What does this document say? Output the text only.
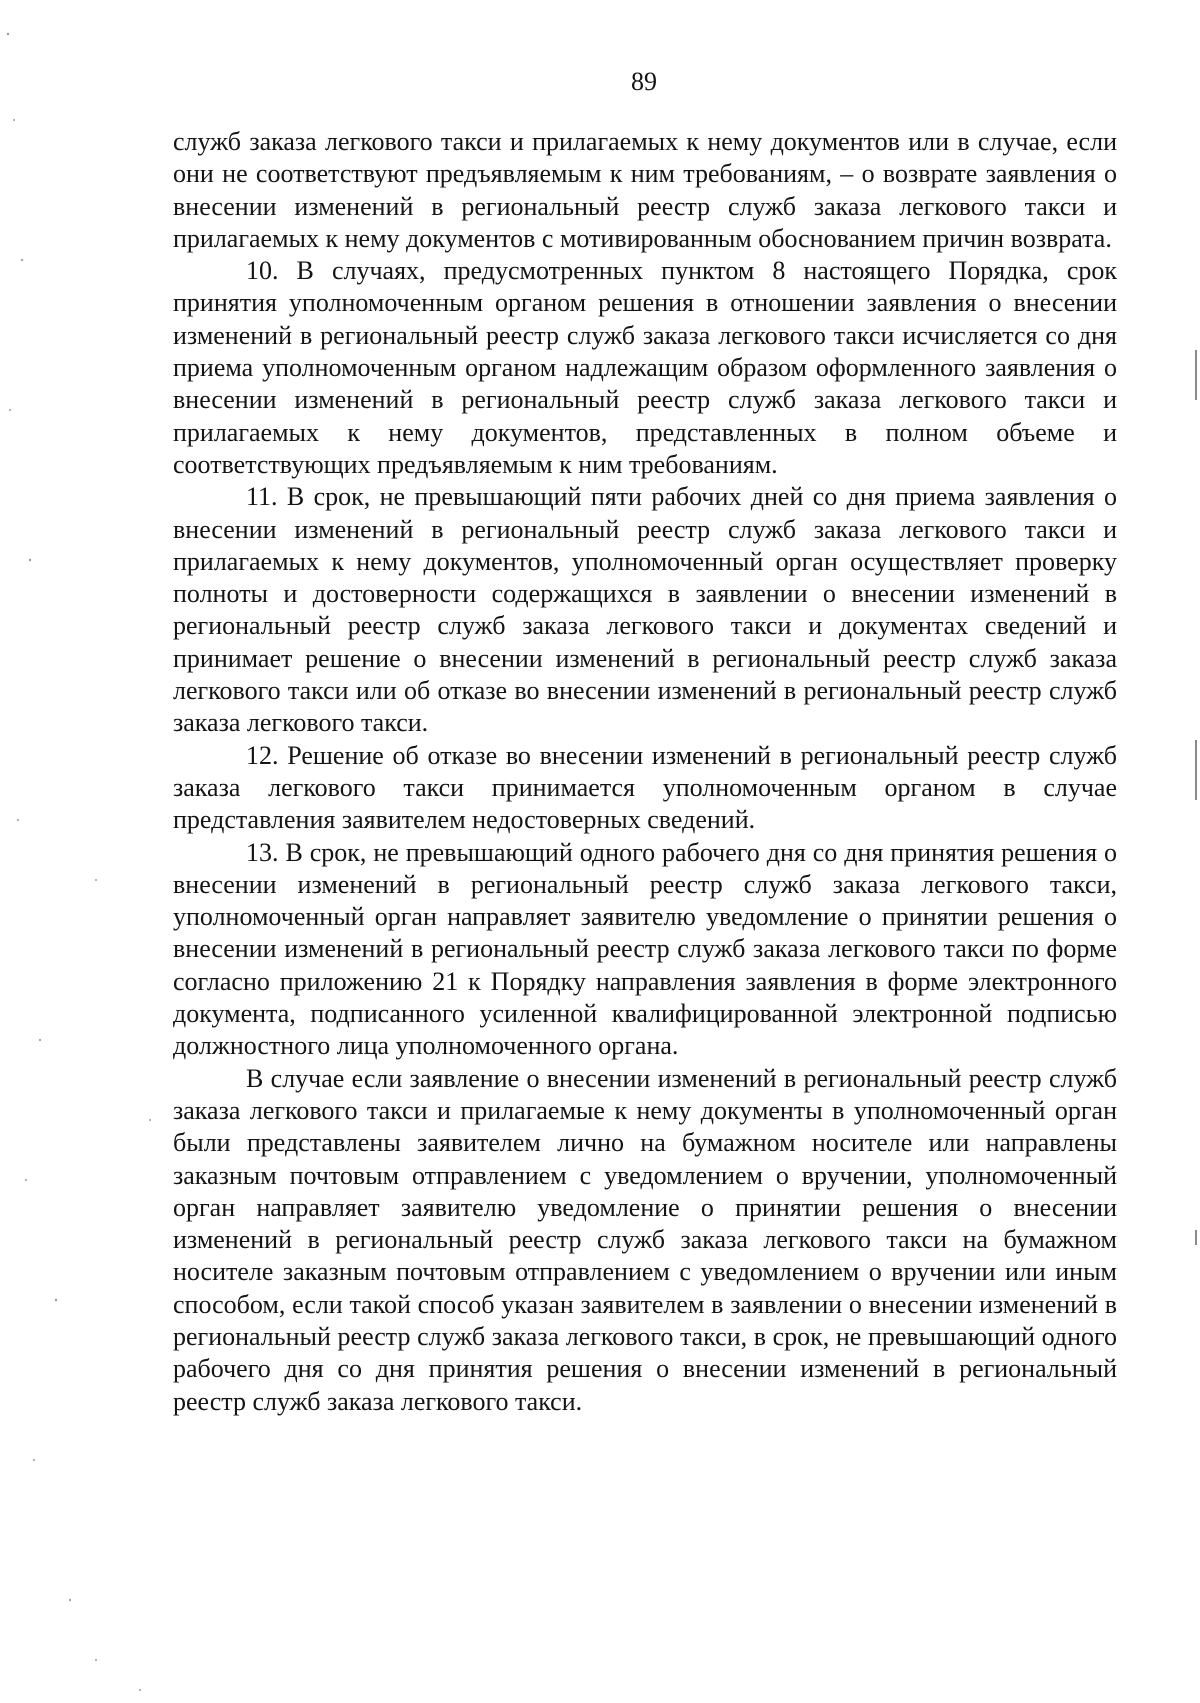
89

служб заказа легкового такси и прилагаемых к нему документов или в случае, если они не соответствуют предъявляемым к ним требованиям, – о возврате заявления о внесении изменений в региональный реестр служб заказа легкового такси и прилагаемых к нему документов с мотивированным обоснованием причин возврата.

10. В случаях, предусмотренных пунктом 8 настоящего Порядка, срок принятия уполномоченным органом решения в отношении заявления о внесении изменений в региональный реестр служб заказа легкового такси исчисляется со дня приема уполномоченным органом надлежащим образом оформленного заявления о внесении изменений в региональный реестр служб заказа легкового такси и прилагаемых к нему документов, представленных в полном объеме и соответствующих предъявляемым к ним требованиям.

11. В срок, не превышающий пяти рабочих дней со дня приема заявления о внесении изменений в региональный реестр служб заказа легкового такси и прилагаемых к нему документов, уполномоченный орган осуществляет проверку полноты и достоверности содержащихся в заявлении о внесении изменений в региональный реестр служб заказа легкового такси и документах сведений и принимает решение о внесении изменений в региональный реестр служб заказа легкового такси или об отказе во внесении изменений в региональный реестр служб заказа легкового такси.

12. Решение об отказе во внесении изменений в региональный реестр служб заказа легкового такси принимается уполномоченным органом в случае представления заявителем недостоверных сведений.

13. В срок, не превышающий одного рабочего дня со дня принятия решения о внесении изменений в региональный реестр служб заказа легкового такси, уполномоченный орган направляет заявителю уведомление о принятии решения о внесении изменений в региональный реестр служб заказа легкового такси по форме согласно приложению 21 к Порядку направления заявления в форме электронного документа, подписанного усиленной квалифицированной электронной подписью должностного лица уполномоченного органа.

В случае если заявление о внесении изменений в региональный реестр служб заказа легкового такси и прилагаемые к нему документы в уполномоченный орган были представлены заявителем лично на бумажном носителе или направлены заказным почтовым отправлением с уведомлением о вручении, уполномоченный орган направляет заявителю уведомление о принятии решения о внесении изменений в региональный реестр служб заказа легкового такси на бумажном носителе заказным почтовым отправлением с уведомлением о вручении или иным способом, если такой способ указан заявителем в заявлении о внесении изменений в региональный реестр служб заказа легкового такси, в срок, не превышающий одного рабочего дня со дня принятия решения о внесении изменений в региональный реестр служб заказа легкового такси.
